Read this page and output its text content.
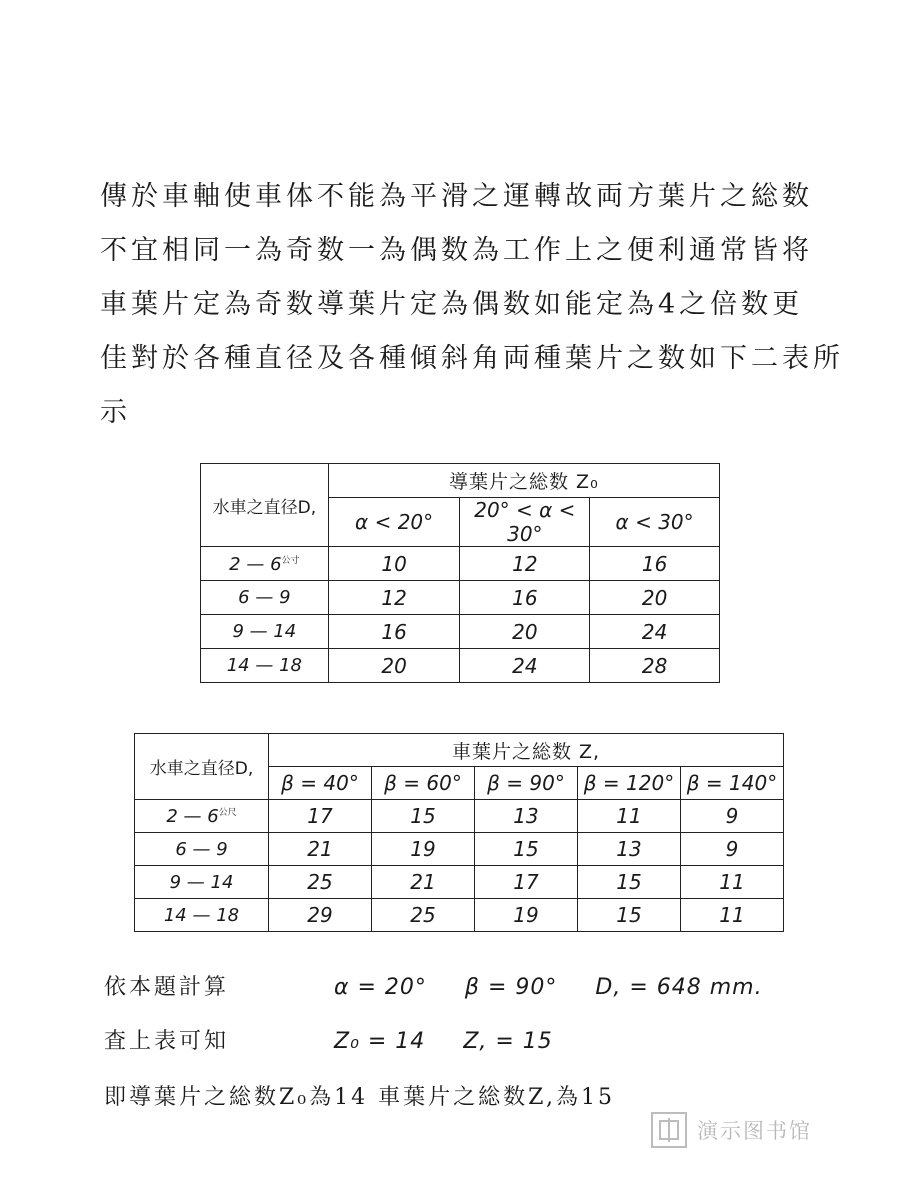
傳於車軸使車体不能為平滑之運轉故両方葉片之総数
不宜相同一為奇数一為偶数為工作上之便利通常皆将
車葉片定為奇数導葉片定為偶数如能定為4之倍数更
佳對於各種直径及各種傾斜角両種葉片之数如下二表所
示
水車之直径D,	導葉片之総数 Z₀		
	α < 20°	20° < α < 30°	α < 30°
2 — $6^{公寸}$	10	12	16
6 — 9	12	16	20
9 — 14	16	20	24
14 — 18	20	24	28
水車之直径D,	車葉片之総数 Z,				
	β = 40°	β = 60°	β = 90°	β = 120°	β = 140°
2 — $6^{公尺}$	17	15	13	11	9
6 — 9	21	19	15	13	9
9 — 14	25	21	17	15	11
14 — 18	29	25	19	15	11
依本題計算	α = 20° β = 90° D, = 648 mm.
査上表可知	Z₀ = 14 Z, = 15
即導葉片之総数Z₀為14 車葉片之総数Z,為15
演示图书馆
